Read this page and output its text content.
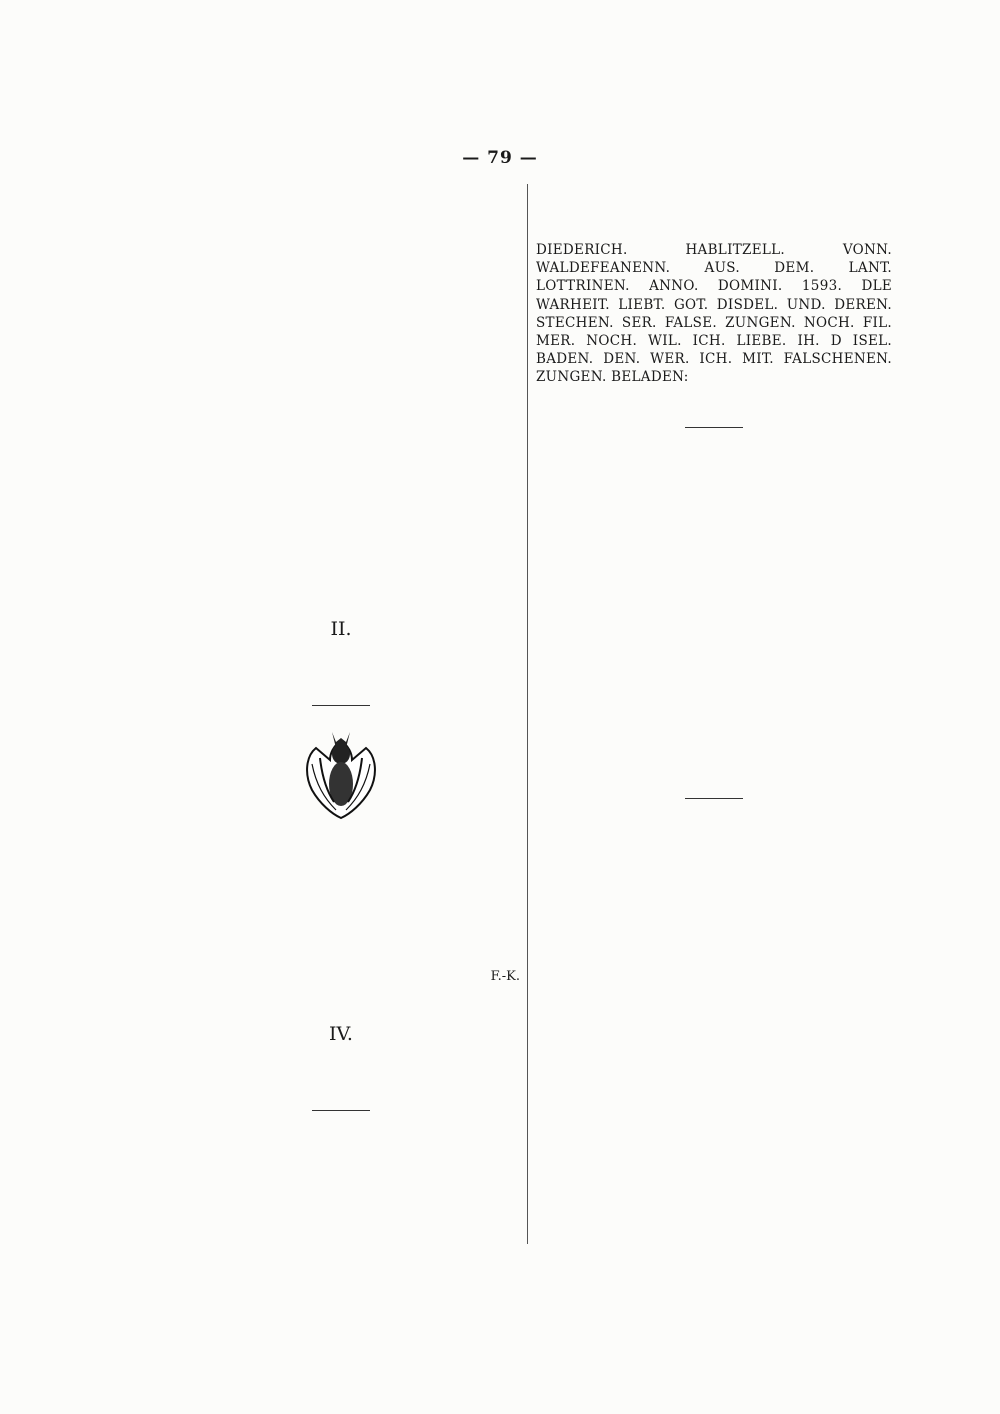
— 79 —

II.

F.-K.

IV.

DIEDERICH. HABLITZELL. VONN. WALDEFEANENN. AUS. DEM. LANT. LOTTRINEN. ANNO. DOMINI. 1593. DLE WARHEIT. LIEBT. GOT. DISDEL. UND. DEREN. STECHEN. SER. FALSE. ZUNGEN. NOCH. FIL. MER. NOCH. WIL. ICH. LIEBE. IH. D ISEL. BADEN. DEN. WER. ICH. MIT. FALSCHENEN. ZUNGEN. BELADEN:
